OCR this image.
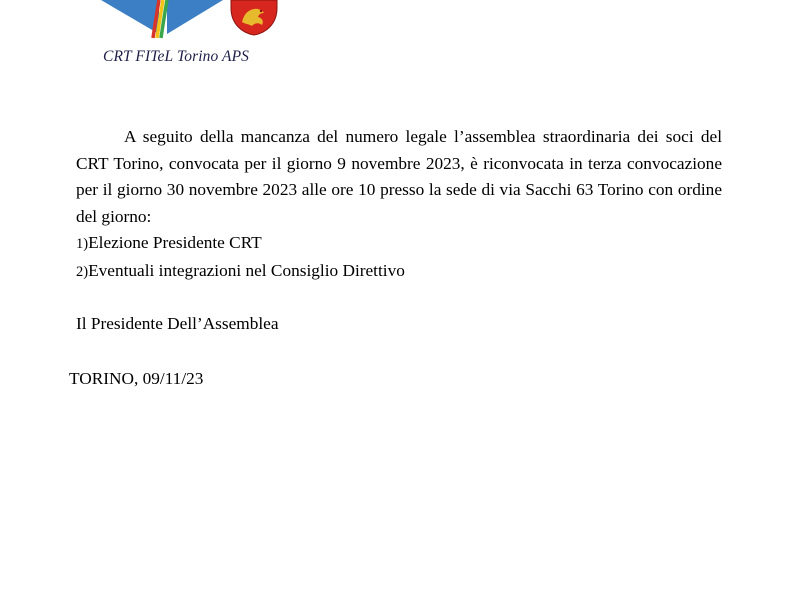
CRT FITeL Torino APS

A seguito della mancanza del numero legale l’assemblea straordinaria dei soci del CRT Torino, convocata per il giorno 9 novembre 2023, è riconvocata in terza convocazione per il giorno 30 novembre 2023 alle ore 10 presso la sede di via Sacchi 63 Torino con ordine del giorno:

1)Elezione Presidente CRT
2)Eventuali integrazioni nel Consiglio Direttivo
Il Presidente Dell’Assemblea
TORINO, 09/11/23
